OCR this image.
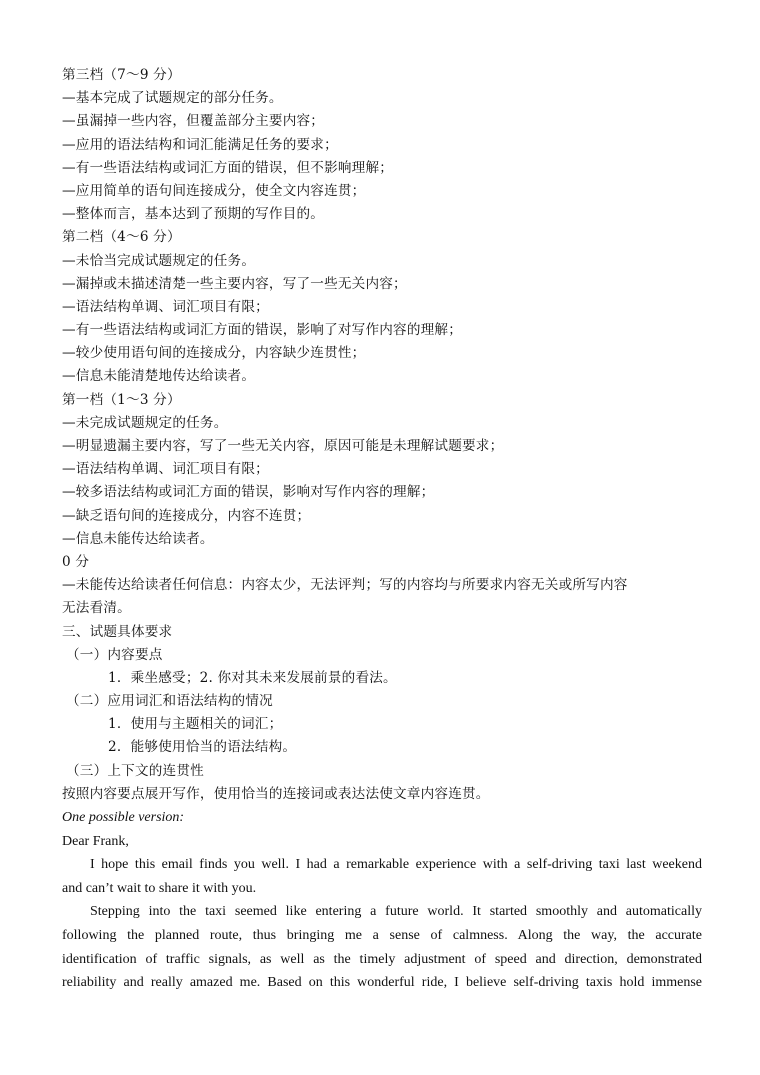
第三档（7～9 分）
—基本完成了试题规定的部分任务。
—虽漏掉一些内容，但覆盖部分主要内容；
—应用的语法结构和词汇能满足任务的要求；
—有一些语法结构或词汇方面的错误，但不影响理解；
—应用简单的语句间连接成分，使全文内容连贯；
—整体而言，基本达到了预期的写作目的。
第二档（4～6 分）
—未恰当完成试题规定的任务。
—漏掉或未描述清楚一些主要内容，写了一些无关内容；
—语法结构单调、词汇项目有限；
—有一些语法结构或词汇方面的错误，影响了对写作内容的理解；
—较少使用语句间的连接成分，内容缺少连贯性；
—信息未能清楚地传达给读者。
第一档（1～3 分）
—未完成试题规定的任务。
—明显遗漏主要内容，写了一些无关内容，原因可能是未理解试题要求；
—语法结构单调、词汇项目有限；
—较多语法结构或词汇方面的错误，影响对写作内容的理解；
—缺乏语句间的连接成分，内容不连贯；
—信息未能传达给读者。
0 分
—未能传达给读者任何信息：内容太少，无法评判；写的内容均与所要求内容无关或所写内容
无法看清。
三、试题具体要求
（一）内容要点
1．乘坐感受；2. 你对其未来发展前景的看法。
（二）应用词汇和语法结构的情况
1．使用与主题相关的词汇；
2．能够使用恰当的语法结构。
（三）上下文的连贯性
按照内容要点展开写作，使用恰当的连接词或表达法使文章内容连贯。
One possible version:
Dear Frank,
I hope this email finds you well. I had a remarkable experience with a self-driving taxi last weekend
and can’t wait to share it with you.
Stepping into the taxi seemed like entering a future world. It started smoothly and automatically
following the planned route, thus bringing me a sense of calmness. Along the way, the accurate
identification of traffic signals, as well as the timely adjustment of speed and direction, demonstrated
reliability and really amazed me. Based on this wonderful ride, I believe self-driving taxis hold immense
